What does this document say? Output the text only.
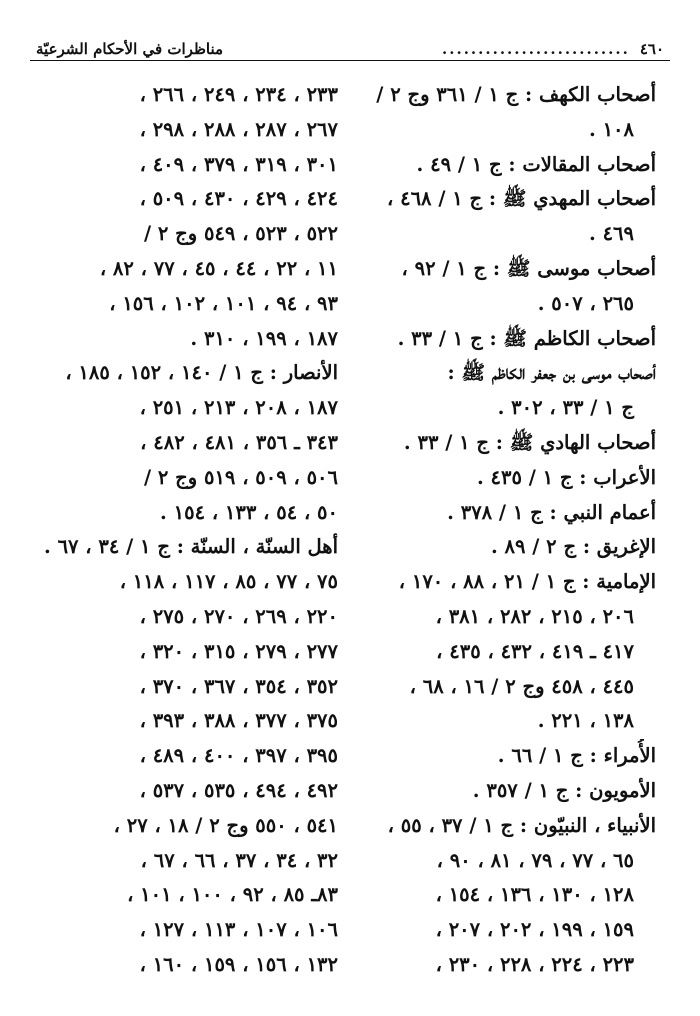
٤٦٠
..........................
مناظرات في الأحكام الشرعيّة
أصحاب الكهف : ج ١ / ٣٦١ وج ٢ /
١٠٨ .
أصحاب المقالات : ج ١ / ٤٩ .
أصحاب المهدي ﷺ : ج ١ / ٤٦٨ ،
٤٦٩ .
أصحاب موسى ﷺ : ج ١ / ٩٢ ،
٢٦٥ ، ٥٠٧ .
أصحاب الكاظم ﷺ : ج ١ / ٣٣ .
أصحاب موسى بن جعفر الكاظم ﷺ :
ج ١ / ٣٣ ، ٣٠٢ .
أصحاب الهادي ﷺ : ج ١ / ٣٣ .
الأعراب : ج ١ / ٤٣٥ .
أعمام النبي : ج ١ / ٣٧٨ .
الإغريق : ج ٢ / ٨٩ .
الإمامية : ج ١ / ٢١ ، ٨٨ ، ١٧٠ ،
٢٠٦ ، ٢١٥ ، ٢٨٢ ، ٣٨١ ،
٤١٧ ـ ٤١٩ ، ٤٣٢ ، ٤٣٥ ،
٤٤٥ ، ٤٥٨ وج ٢ / ١٦ ، ٦٨ ،
١٣٨ ، ٢٢١ .
الأُمراء : ج ١ / ٦٦ .
الأمويون : ج ١ / ٣٥٧ .
الأنبياء ، النبيّون : ج ١ / ٣٧ ، ٥٥ ،
٦٥ ، ٧٧ ، ٧٩ ، ٨١ ، ٩٠ ،
١٢٨ ، ١٣٠ ، ١٣٦ ، ١٥٤ ،
١٥٩ ، ١٩٩ ، ٢٠٢ ، ٢٠٧ ،
٢٢٣ ، ٢٢٤ ، ٢٢٨ ، ٢٣٠ ،
٢٣٣ ، ٢٣٤ ، ٢٤٩ ، ٢٦٦ ،
٢٦٧ ، ٢٨٧ ، ٢٨٨ ، ٢٩٨ ،
٣٠١ ، ٣١٩ ، ٣٧٩ ، ٤٠٩ ،
٤٢٤ ، ٤٢٩ ، ٤٣٠ ، ٥٠٩ ،
٥٢٢ ، ٥٢٣ ، ٥٤٩ وج ٢ /
١١ ، ٢٢ ، ٤٤ ، ٤٥ ، ٧٧ ، ٨٢ ،
٩٣ ، ٩٤ ، ١٠١ ، ١٠٢ ، ١٥٦ ،
١٨٧ ، ١٩٩ ، ٣١٠ .
الأنصار : ج ١ / ١٤٠ ، ١٥٢ ، ١٨٥ ،
١٨٧ ، ٢٠٨ ، ٢١٣ ، ٢٥١ ،
٣٤٣ ـ ٣٥٦ ، ٤٨١ ، ٤٨٢ ،
٥٠٦ ، ٥٠٩ ، ٥١٩ وج ٢ /
٥٠ ، ٥٤ ، ١٣٣ ، ١٥٤ .
أهل السنّة ، السنّة : ج ١ / ٣٤ ، ٦٧ .
٧٥ ، ٧٧ ، ٨٥ ، ١١٧ ، ١١٨ ،
٢٢٠ ، ٢٦٩ ، ٢٧٠ ، ٢٧٥ ،
٢٧٧ ، ٢٧٩ ، ٣١٥ ، ٣٢٠ ،
٣٥٢ ، ٣٥٤ ، ٣٦٧ ، ٣٧٠ ،
٣٧٥ ، ٣٧٧ ، ٣٨٨ ، ٣٩٣ ،
٣٩٥ ، ٣٩٧ ، ٤٠٠ ، ٤٨٩ ،
٤٩٢ ، ٤٩٤ ، ٥٣٥ ، ٥٣٧ ،
٥٤١ ، ٥٥٠ وج ٢ / ١٨ ، ٢٧ ،
٣٢ ، ٣٤ ، ٣٧ ، ٦٦ ، ٦٧ ،
٨٣ـ ٨٥ ، ٩٢ ، ١٠٠ ، ١٠١ ،
١٠٦ ، ١٠٧ ، ١١٣ ، ١٢٧ ،
١٣٢ ، ١٥٦ ، ١٥٩ ، ١٦٠ ،
